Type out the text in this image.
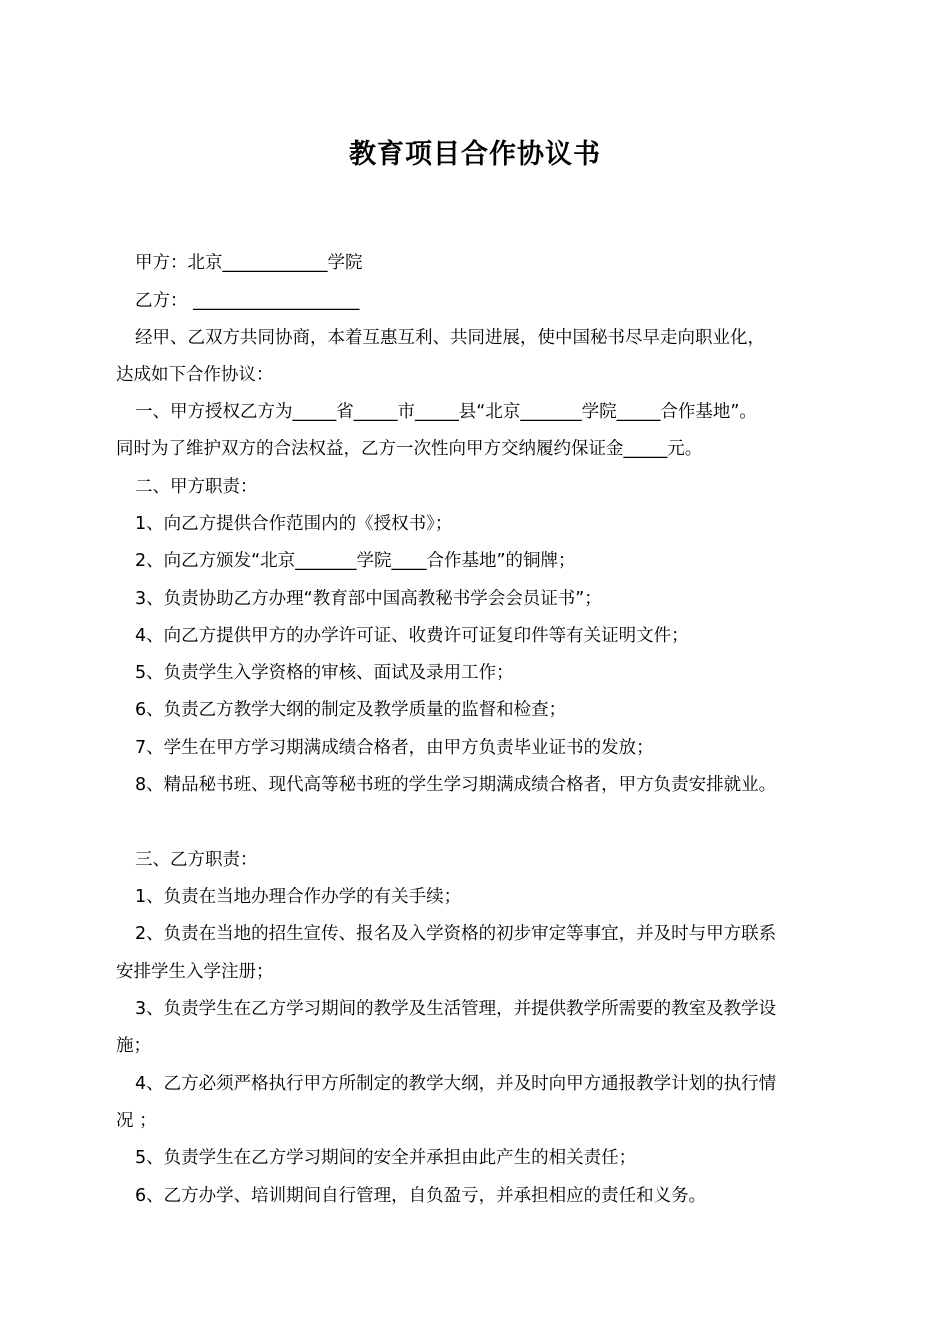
教育项目合作协议书
甲方：北京____________学院
乙方： ___________________
经甲、乙双方共同协商，本着互惠互利、共同进展，使中国秘书尽早走向职业化，
达成如下合作协议：
一、甲方授权乙方为_____省_____市_____县“北京_______学院_____合作基地”。
同时为了维护双方的合法权益，乙方一次性向甲方交纳履约保证金_____元。
二、甲方职责：
1、向乙方提供合作范围内的《授权书》；
2、向乙方颁发“北京_______学院____合作基地”的铜牌；
3、负责协助乙方办理“教育部中国高教秘书学会会员证书”；
4、向乙方提供甲方的办学许可证、收费许可证复印件等有关证明文件；
5、负责学生入学资格的审核、面试及录用工作；
6、负责乙方教学大纲的制定及教学质量的监督和检查；
7、学生在甲方学习期满成绩合格者，由甲方负责毕业证书的发放；
8、精品秘书班、现代高等秘书班的学生学习期满成绩合格者，甲方负责安排就业。
三、乙方职责：
1、负责在当地办理合作办学的有关手续；
2、负责在当地的招生宣传、报名及入学资格的初步审定等事宜，并及时与甲方联系
安排学生入学注册；
3、负责学生在乙方学习期间的教学及生活管理，并提供教学所需要的教室及教学设
施；
4、乙方必须严格执行甲方所制定的教学大纲，并及时向甲方通报教学计划的执行情
况 ；
5、负责学生在乙方学习期间的安全并承担由此产生的相关责任；
6、乙方办学、培训期间自行管理，自负盈亏，并承担相应的责任和义务。
